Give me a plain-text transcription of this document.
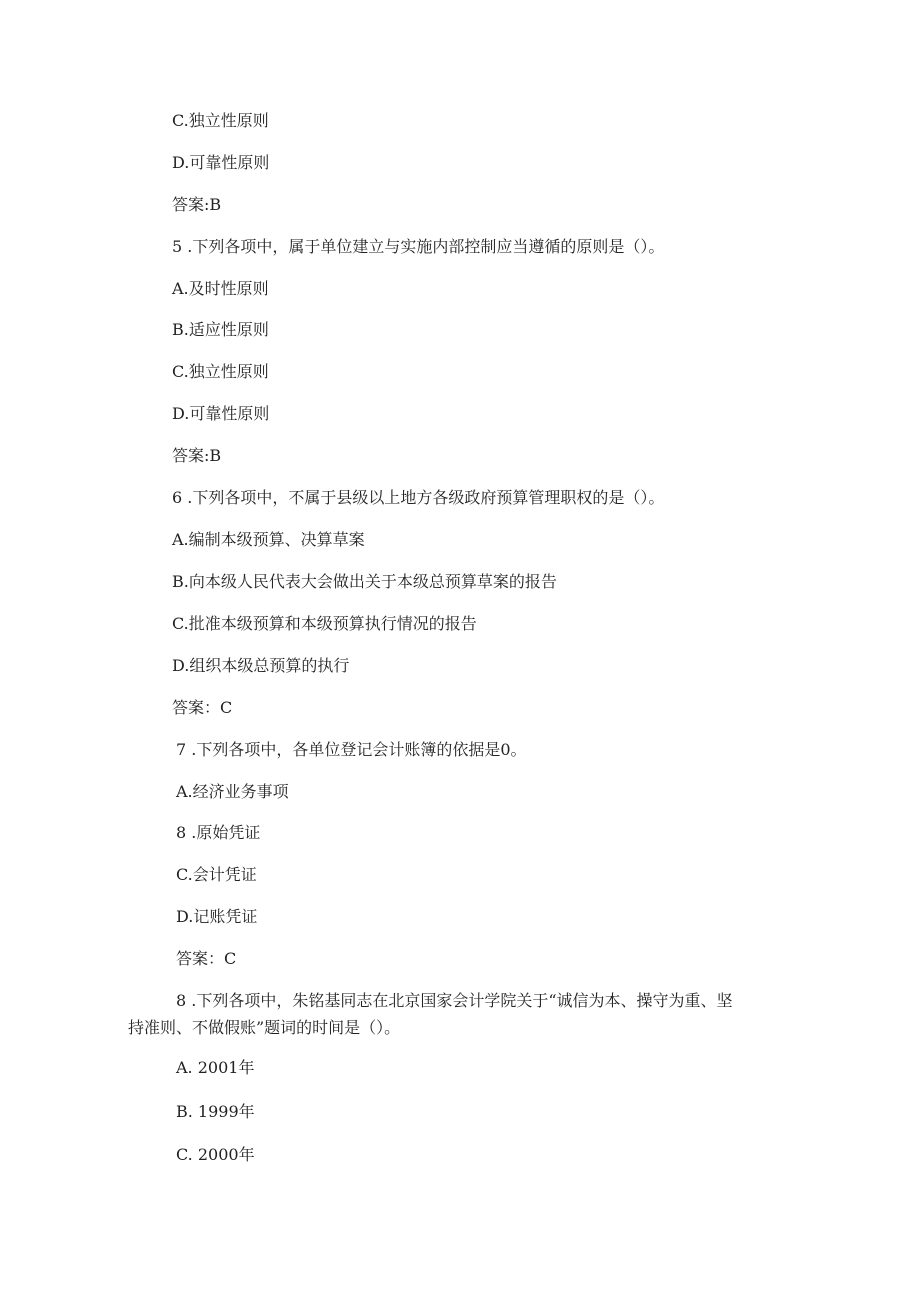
C.独立性原则
D.可靠性原则
答案:B
5 .下列各项中，属于单位建立与实施内部控制应当遵循的原则是（）。
A.及时性原则
B.适应性原则
C.独立性原则
D.可靠性原则
答案:B
6 .下列各项中，不属于县级以上地方各级政府预算管理职权的是（）。
A.编制本级预算、决算草案
B.向本级人民代表大会做出关于本级总预算草案的报告
C.批准本级预算和本级预算执行情况的报告
D.组织本级总预算的执行
答案：C
7 .下列各项中，各单位登记会计账簿的依据是0。
A.经济业务事项
8 .原始凭证
C.会计凭证
D.记账凭证
答案：C
8 .下列各项中，朱铭基同志在北京国家会计学院关于“诚信为本、操守为重、坚
持准则、不做假账”题词的时间是（）。
A. 2001年
B. 1999年
C. 2000年
